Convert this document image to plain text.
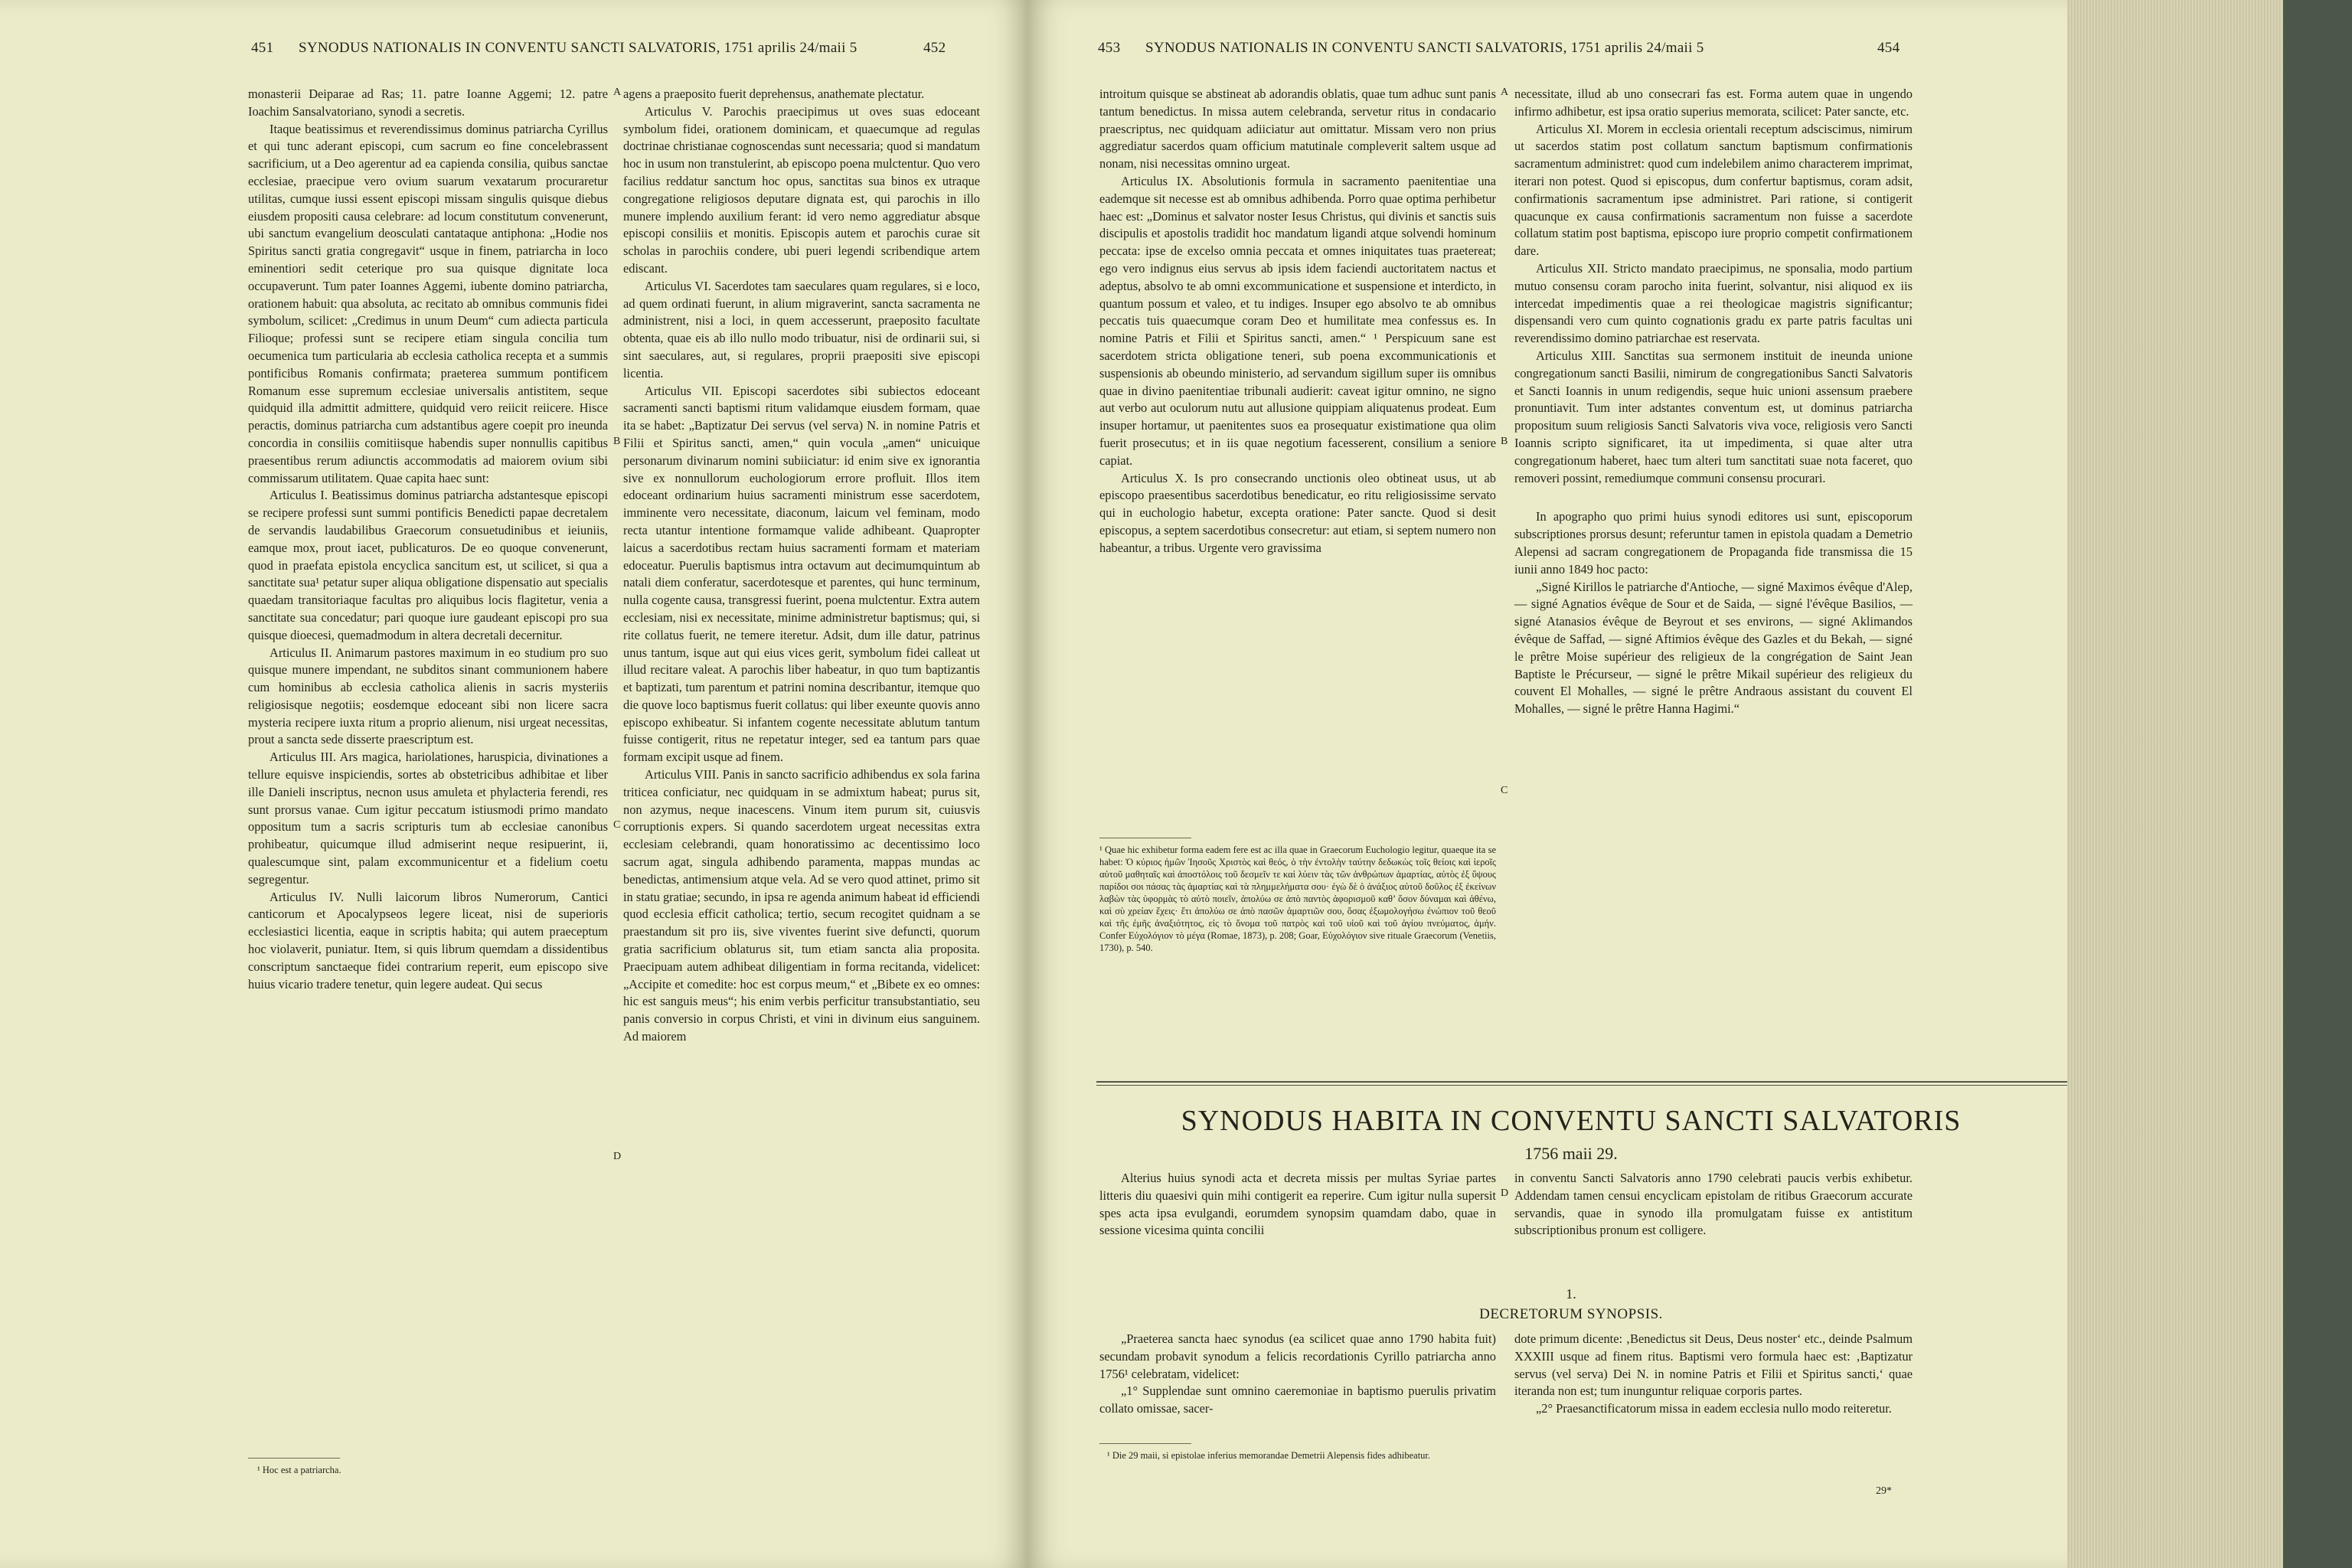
451 SYNODUS NATIONALIS IN CONVENTU SANCTI SALVATORIS, 1751 aprilis 24/maii 5	452

monasterii Deiparae ad Ras; 11. patre Ioanne Aggemi; 12. patre Ioachim Sansalvatoriano, synodi a secretis.

Itaque beatissimus et reverendissimus dominus patriarcha Cyrillus et qui tunc aderant episcopi, cum sacrum eo fine concelebrassent sacrificium, ut a Deo agerentur ad ea capienda consilia, quibus sanctae ecclesiae, praecipue vero ovium suarum vexatarum procuraretur utilitas, cumque iussi essent episcopi missam singulis quisque diebus eiusdem propositi causa celebrare: ad locum constitutum convenerunt, ubi sanctum evangelium deosculati cantataque antiphona: „Hodie nos Spiritus sancti gratia congregavit“ usque in finem, patriarcha in loco eminentiori sedit ceterique pro sua quisque dignitate loca occupaverunt. Tum pater Ioannes Aggemi, iubente domino patriarcha, orationem habuit: qua absoluta, ac recitato ab omnibus communis fidei symbolum, scilicet: „Credimus in unum Deum“ cum adiecta particula Filioque; professi sunt se recipere etiam singula concilia tum oecumenica tum particularia ab ecclesia catholica recepta et a summis pontificibus Romanis confirmata; praeterea summum pontificem Romanum esse supremum ecclesiae universalis antistitem, seque quidquid illa admittit admittere, quidquid vero reiicit reiicere. Hisce peractis, dominus patriarcha cum adstantibus agere coepit pro ineunda concordia in consiliis comitiisque habendis super nonnullis capitibus praesentibus rerum adiunctis accommodatis ad maiorem ovium sibi commissarum utilitatem. Quae capita haec sunt:

Articulus I. Beatissimus dominus patriarcha adstantesque episcopi se recipere professi sunt summi pontificis Benedicti papae decretalem de servandis laudabilibus Graecorum consuetudinibus et ieiuniis, eamque mox, prout iacet, publicaturos. De eo quoque convenerunt, quod in praefata epistola encyclica sancitum est, ut scilicet, si qua a sanctitate sua¹ petatur super aliqua obligatione dispensatio aut specialis quaedam transitoriaque facultas pro aliquibus locis flagitetur, venia a sanctitate sua concedatur; pari quoque iure gaudeant episcopi pro sua quisque dioecesi, quemadmodum in altera decretali decernitur.

Articulus II. Animarum pastores maximum in eo studium pro suo quisque munere impendant, ne subditos sinant communionem habere cum hominibus ab ecclesia catholica alienis in sacris mysteriis religiosisque negotiis; eosdemque edoceant sibi non licere sacra mysteria recipere iuxta ritum a proprio alienum, nisi urgeat necessitas, prout a sancta sede disserte praescriptum est.

Articulus III. Ars magica, hariolationes, haruspicia, divinationes a tellure equisve inspiciendis, sortes ab obstetricibus adhibitae et liber ille Danieli inscriptus, necnon usus amuleta et phylacteria ferendi, res sunt prorsus vanae. Cum igitur peccatum istiusmodi primo mandato oppositum tum a sacris scripturis tum ab ecclesiae canonibus prohibeatur, quicumque illud admiserint neque resipuerint, ii, qualescumque sint, palam excommunicentur et a fidelium coetu segregentur.

Articulus IV. Nulli laicorum libros Numerorum, Cantici canticorum et Apocalypseos legere liceat, nisi de superioris ecclesiastici licentia, eaque in scriptis habita; qui autem praeceptum hoc violaverit, puniatur. Item, si quis librum quemdam a dissidentibus conscriptum sanctaeque fidei contrarium reperit, eum episcopo sive huius vicario tradere tenetur, quin legere audeat. Qui secus

¹ Hoc est a patriarcha.
A
B
C
D

agens a praeposito fuerit deprehensus, anathemate plectatur.

Articulus V. Parochis praecipimus ut oves suas edoceant symbolum fidei, orationem dominicam, et quaecumque ad regulas doctrinae christianae cognoscendas sunt necessaria; quod si mandatum hoc in usum non transtulerint, ab episcopo poena mulctentur. Quo vero facilius reddatur sanctum hoc opus, sanctitas sua binos ex utraque congregatione religiosos deputare dignata est, qui parochis in illo munere implendo auxilium ferant: id vero nemo aggrediatur absque episcopi consiliis et monitis. Episcopis autem et parochis curae sit scholas in parochiis condere, ubi pueri legendi scribendique artem ediscant.

Articulus VI. Sacerdotes tam saeculares quam regulares, si e loco, ad quem ordinati fuerunt, in alium migraverint, sancta sacramenta ne administrent, nisi a loci, in quem accesserunt, praeposito facultate obtenta, quae eis ab illo nullo modo tribuatur, nisi de ordinarii sui, si sint saeculares, aut, si regulares, proprii praepositi sive episcopi licentia.

Articulus VII. Episcopi sacerdotes sibi subiectos edoceant sacramenti sancti baptismi ritum validamque eiusdem formam, quae ita se habet: „Baptizatur Dei servus (vel serva) N. in nomine Patris et Filii et Spiritus sancti, amen,“ quin vocula „amen“ unicuique personarum divinarum nomini subiiciatur: id enim sive ex ignorantia sive ex nonnullorum euchologiorum errore profluit. Illos item edoceant ordinarium huius sacramenti ministrum esse sacerdotem, imminente vero necessitate, diaconum, laicum vel feminam, modo recta utantur intentione formamque valide adhibeant. Quapropter laicus a sacerdotibus rectam huius sacramenti formam et materiam edoceatur. Puerulis baptismus intra octavum aut decimumquintum ab natali diem conferatur, sacerdotesque et parentes, qui hunc terminum, nulla cogente causa, transgressi fuerint, poena mulctentur. Extra autem ecclesiam, nisi ex necessitate, minime administretur baptismus; qui, si rite collatus fuerit, ne temere iteretur. Adsit, dum ille datur, patrinus unus tantum, isque aut qui eius vices gerit, symbolum fidei calleat ut illud recitare valeat. A parochis liber habeatur, in quo tum baptizantis et baptizati, tum parentum et patrini nomina describantur, itemque quo die quove loco baptismus fuerit collatus: qui liber exeunte quovis anno episcopo exhibeatur. Si infantem cogente necessitate ablutum tantum fuisse contigerit, ritus ne repetatur integer, sed ea tantum pars quae formam excipit usque ad finem.

Articulus VIII. Panis in sancto sacrificio adhibendus ex sola farina triticea conficiatur, nec quidquam in se admixtum habeat; purus sit, non azymus, neque inacescens. Vinum item purum sit, cuiusvis corruptionis expers. Si quando sacerdotem urgeat necessitas extra ecclesiam celebrandi, quam honoratissimo ac decentissimo loco sacrum agat, singula adhibendo paramenta, mappas mundas ac benedictas, antimensium atque vela. Ad se vero quod attinet, primo sit in statu gratiae; secundo, in ipsa re agenda animum habeat id efficiendi quod ecclesia efficit catholica; tertio, secum recogitet quidnam a se praestandum sit pro iis, sive viventes fuerint sive defuncti, quorum gratia sacrificium oblaturus sit, tum etiam sancta alia proposita. Praecipuam autem adhibeat diligentiam in forma recitanda, videlicet: „Accipite et comedite: hoc est corpus meum,“ et „Bibete ex eo omnes: hic est sanguis meus“; his enim verbis perficitur transubstantiatio, seu panis conversio in corpus Christi, et vini in divinum eius sanguinem. Ad maiorem

453 SYNODUS NATIONALIS IN CONVENTU SANCTI SALVATORIS, 1751 aprilis 24/maii 5	454

introitum quisque se abstineat ab adorandis oblatis, quae tum adhuc sunt panis tantum benedictus. In missa autem celebranda, servetur ritus in condacario praescriptus, nec quidquam adiiciatur aut omittatur. Missam vero non prius aggrediatur sacerdos quam officium matutinale compleverit saltem usque ad nonam, nisi necessitas omnino urgeat.

Articulus IX. Absolutionis formula in sacramento paenitentiae una eademque sit necesse est ab omnibus adhibenda. Porro quae optima perhibetur haec est: „Dominus et salvator noster Iesus Christus, qui divinis et sanctis suis discipulis et apostolis tradidit hoc mandatum ligandi atque solvendi hominum peccata: ipse de excelso omnia peccata et omnes iniquitates tuas praetereat; ego vero indignus eius servus ab ipsis idem faciendi auctoritatem nactus et adeptus, absolvo te ab omni excommunicatione et suspensione et interdicto, in quantum possum et valeo, et tu indiges. Insuper ego absolvo te ab omnibus peccatis tuis quaecumque coram Deo et humilitate mea confessus es. In nomine Patris et Filii et Spiritus sancti, amen.“ ¹ Perspicuum sane est sacerdotem stricta obligatione teneri, sub poena excommunicationis et suspensionis ab obeundo ministerio, ad servandum sigillum super iis omnibus quae in divino paenitentiae tribunali audierit: caveat igitur omnino, ne signo aut verbo aut oculorum nutu aut allusione quippiam aliquatenus prodeat. Eum insuper hortamur, ut paenitentes suos ea prosequatur existimatione qua olim fuerit prosecutus; et in iis quae negotium facesserent, consilium a seniore capiat.

Articulus X. Is pro consecrando unctionis oleo obtineat usus, ut ab episcopo praesentibus sacerdotibus benedicatur, eo ritu religiosissime servato qui in euchologio habetur, excepta oratione: Pater sancte. Quod si desit episcopus, a septem sacerdotibus consecretur: aut etiam, si septem numero non habeantur, a tribus. Urgente vero gravissima

¹ Quae hic exhibetur forma eadem fere est ac illa quae in Graecorum Euchologio legitur, quaeque ita se habet: Ὁ κύριος ἡμῶν Ἰησοῦς Χριστὸς καὶ θεός, ὁ τὴν ἐντολὴν ταύτην δεδωκὼς τοῖς θείοις καὶ ἱεροῖς αὐτοῦ μαθηταῖς καὶ ἀποστόλοις τοῦ δεσμεῖν τε καὶ λύειν τὰς τῶν ἀνθρώπων ἁμαρτίας, αὐτὸς ἐξ ὕψους παρίδοι σοι πάσας τὰς ἁμαρτίας καὶ τὰ πλημμελήματα σου· ἐγὼ δὲ ὁ ἀνάξιος αὐτοῦ δοῦλος ἐξ ἐκείνων λαβὼν τὰς ὑφορμὰς τὸ αὐτὸ ποιεῖν, ἀπολύω σε ἀπὸ παντὸς ἀφορισμοῦ καθ’ ὅσον δύναμαι καὶ ἀθένω, καὶ σὺ χρείαν ἔχεις· ἔτι ἀπολύω σε ἀπὸ πασῶν ἁμαρτιῶν σου, ὅσας ἐξωμολογήσω ἐνώπιον τοῦ θεοῦ καὶ τῆς ἐμῆς ἀναξιότητος, εἰς τὸ ὄνομα τοῦ πατρὸς καὶ τοῦ υἱοῦ καὶ τοῦ ἁγίου πνεύματος, ἀμήν. Confer Εὐχολόγιον τὸ μέγα (Romae, 1873), p. 208; Goar, Εὐχολόγιον sive rituale Graecorum (Venetiis, 1730), p. 540.
A
B
C
D

necessitate, illud ab uno consecrari fas est. Forma autem quae in ungendo infirmo adhibetur, est ipsa oratio superius memorata, scilicet: Pater sancte, etc.

Articulus XI. Morem in ecclesia orientali receptum adsciscimus, nimirum ut sacerdos statim post collatum sanctum baptismum confirmationis sacramentum administret: quod cum indelebilem animo characterem imprimat, iterari non potest. Quod si episcopus, dum confertur baptismus, coram adsit, confirmationis sacramentum ipse administret. Pari ratione, si contigerit quacunque ex causa confirmationis sacramentum non fuisse a sacerdote collatum statim post baptisma, episcopo iure proprio competit confirmationem dare.

Articulus XII. Stricto mandato praecipimus, ne sponsalia, modo partium mutuo consensu coram parocho inita fuerint, solvantur, nisi aliquod ex iis intercedat impedimentis quae a rei theologicae magistris significantur; dispensandi vero cum quinto cognationis gradu ex parte patris facultas uni reverendissimo domino patriarchae est reservata.

Articulus XIII. Sanctitas sua sermonem instituit de ineunda unione congregationum sancti Basilii, nimirum de congregationibus Sancti Salvatoris et Sancti Ioannis in unum redigendis, seque huic unioni assensum praebere pronuntiavit. Tum inter adstantes conventum est, ut dominus patriarcha propositum suum religiosis Sancti Salvatoris viva voce, religiosis vero Sancti Ioannis scripto significaret, ita ut impedimenta, si quae alter utra congregationum haberet, haec tum alteri tum sanctitati suae nota faceret, quo removeri possint, remediumque communi consensu procurari.

In apographo quo primi huius synodi editores usi sunt, episcoporum subscriptiones prorsus desunt; referuntur tamen in epistola quadam a Demetrio Alepensi ad sacram congregationem de Propaganda fide transmissa die 15 iunii anno 1849 hoc pacto:

„Signé Kirillos le patriarche d'Antioche, — signé Maximos évêque d'Alep, — signé Agnatios évêque de Sour et de Saida, — signé l'évêque Basilios, — signé Atanasios évêque de Beyrout et ses environs, — signé Aklimandos évêque de Saffad, — signé Aftimios évêque des Gazles et du Bekah, — signé le prêtre Moise supérieur des religieux de la congrégation de Saint Jean Baptiste le Précurseur, — signé le prêtre Mikail supérieur des religieux du couvent El Mohalles, — signé le prêtre Andraous assistant du couvent El Mohalles, — signé le prêtre Hanna Hagimi.“

SYNODUS HABITA IN CONVENTU SANCTI SALVATORIS
1756 maii 29.

Alterius huius synodi acta et decreta missis per multas Syriae partes litteris diu quaesivi quin mihi contigerit ea reperire. Cum igitur nulla supersit spes acta ipsa evulgandi, eorumdem synopsim quamdam dabo, quae in sessione vicesima quinta concilii

in conventu Sancti Salvatoris anno 1790 celebrati paucis verbis exhibetur. Addendam tamen censui encyclicam epistolam de ritibus Graecorum accurate servandis, quae in synodo illa promulgatam fuisse ex antistitum subscriptionibus pronum est colligere.

1.
DECRETORUM SYNOPSIS.

„Praeterea sancta haec synodus (ea scilicet quae anno 1790 habita fuit) secundam probavit synodum a felicis recordationis Cyrillo patriarcha anno 1756¹ celebratam, videlicet:

„1° Supplendae sunt omnino caeremoniae in baptismo puerulis privatim collato omissae, sacer-

¹ Die 29 maii, si epistolae inferius memorandae Demetrii Alepensis fides adhibeatur.

dote primum dicente: ‚Benedictus sit Deus, Deus noster‘ etc., deinde Psalmum XXXIII usque ad finem ritus. Baptismi vero formula haec est: ‚Baptizatur servus (vel serva) Dei N. in nomine Patris et Filii et Spiritus sancti,‘ quae iteranda non est; tum inunguntur reliquae corporis partes.

„2° Praesanctificatorum missa in eadem ecclesia nullo modo reiteretur.

29*
